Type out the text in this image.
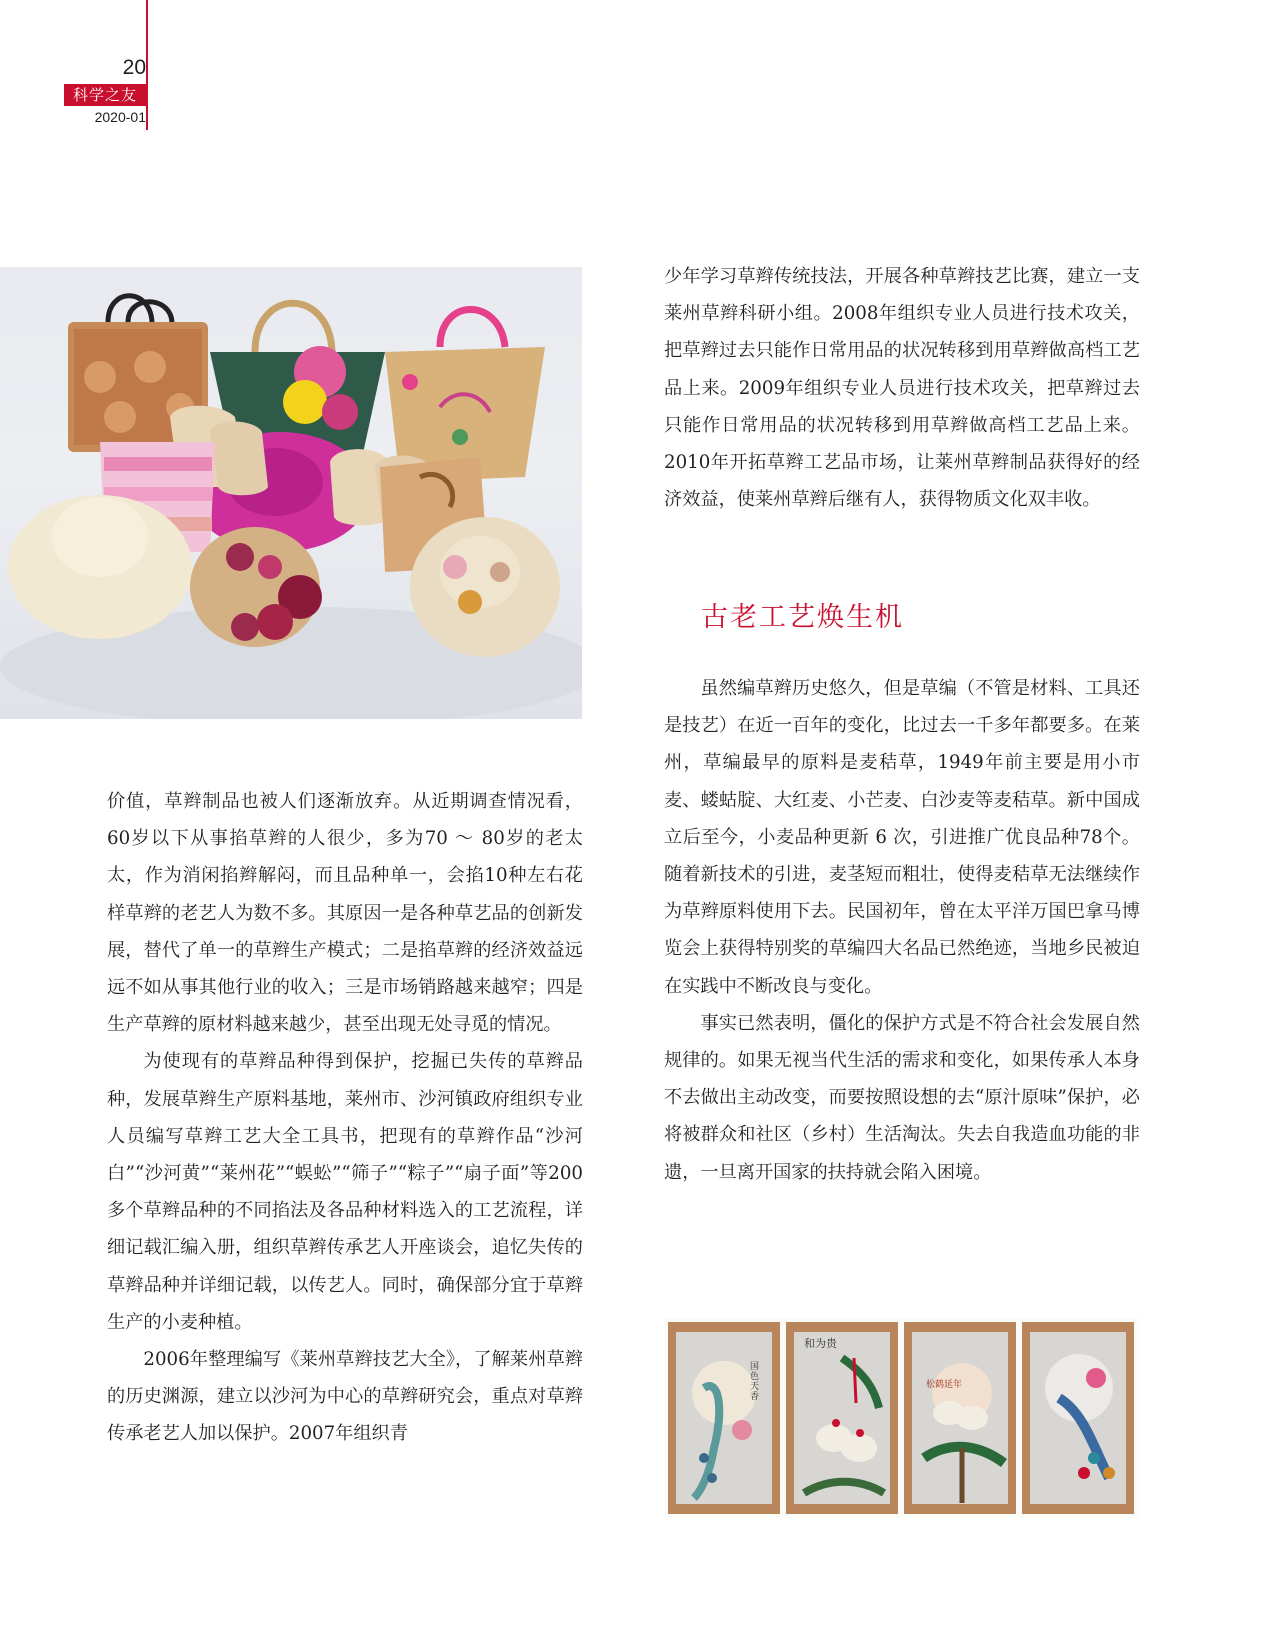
20
科学之友
2020-01

价值，草辫制品也被人们逐渐放弃。从近期调查情况看，60岁以下从事掐草辫的人很少，多为70 ～ 80岁的老太太，作为消闲掐辫解闷，而且品种单一，会掐10种左右花样草辫的老艺人为数不多。其原因一是各种草艺品的创新发展，替代了单一的草辫生产模式；二是掐草辫的经济效益远远不如从事其他行业的收入；三是市场销路越来越窄；四是生产草辫的原材料越来越少，甚至出现无处寻觅的情况。

为使现有的草辫品种得到保护，挖掘已失传的草辫品种，发展草辫生产原料基地，莱州市、沙河镇政府组织专业人员编写草辫工艺大全工具书，把现有的草辫作品“沙河白”“沙河黄”“莱州花”“蜈蚣”“筛子”“粽子”“扇子面”等200多个草辫品种的不同掐法及各品种材料选入的工艺流程，详细记载汇编入册，组织草辫传承艺人开座谈会，追忆失传的草辫品种并详细记载，以传艺人。同时，确保部分宜于草辫生产的小麦种植。

2006年整理编写《莱州草辫技艺大全》，了解莱州草辫的历史渊源，建立以沙河为中心的草辫研究会，重点对草辫传承老艺人加以保护。2007年组织青

少年学习草辫传统技法，开展各种草辫技艺比赛，建立一支莱州草辫科研小组。2008年组织专业人员进行技术攻关，把草辫过去只能作日常用品的状况转移到用草辫做高档工艺品上来。2009年组织专业人员进行技术攻关，把草辫过去只能作日常用品的状况转移到用草辫做高档工艺品上来。2010年开拓草辫工艺品市场，让莱州草辫制品获得好的经济效益，使莱州草辫后继有人，获得物质文化双丰收。

古老工艺焕生机

虽然编草辫历史悠久，但是草编（不管是材料、工具还是技艺）在近一百年的变化，比过去一千多年都要多。在莱州，草编最早的原料是麦秸草，1949年前主要是用小市麦、蝼蛄腚、大红麦、小芒麦、白沙麦等麦秸草。新中国成立后至今，小麦品种更新 6 次，引进推广优良品种78个。随着新技术的引进，麦茎短而粗壮，使得麦秸草无法继续作为草辫原料使用下去。民国初年，曾在太平洋万国巴拿马博览会上获得特别奖的草编四大名品已然绝迹，当地乡民被迫在实践中不断改良与变化。

事实已然表明，僵化的保护方式是不符合社会发展自然规律的。如果无视当代生活的需求和变化，如果传承人本身不去做出主动改变，而要按照设想的去“原汁原味”保护，必将被群众和社区（乡村）生活淘汰。失去自我造血功能的非遗，一旦离开国家的扶持就会陷入困境。

国色天香
和为贵
松鹤延年
